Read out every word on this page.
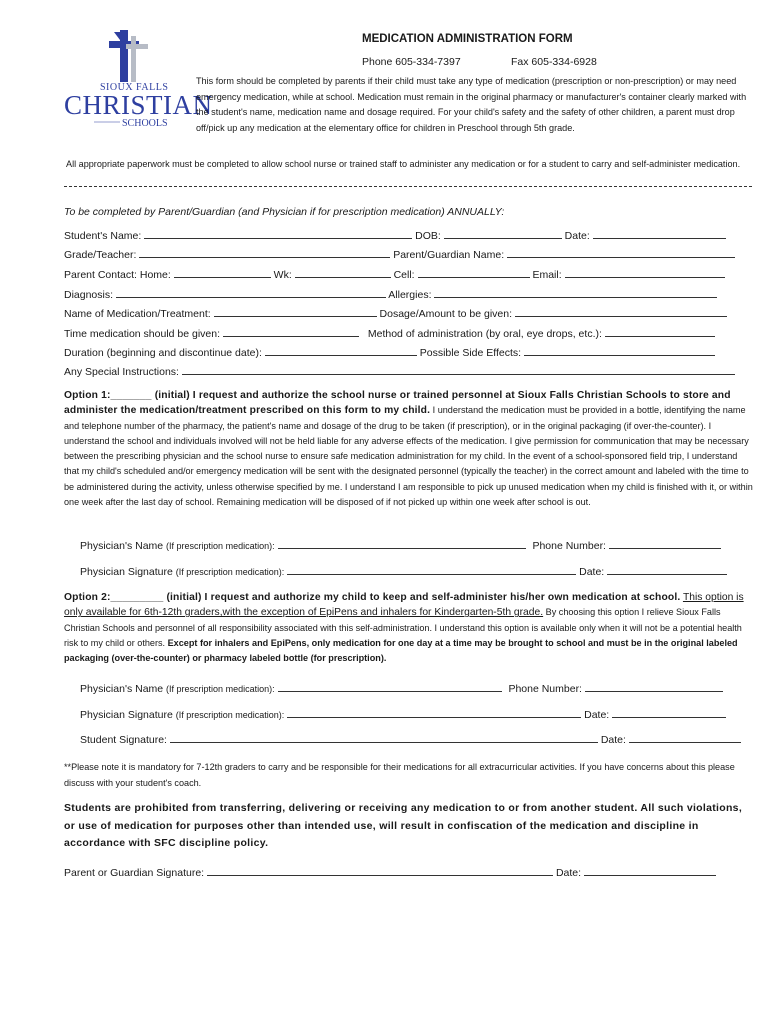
SIOUX FALLS
CHRISTIAN
SCHOOLS
MEDICATION ADMINISTRATION FORM
Phone 605-334-7397	Fax 605-334-6928
This form should be completed by parents if their child must take any type of medication (prescription or non-prescription) or may need emergency medication, while at school. Medication must remain in the original pharmacy or manufacturer's container clearly marked with the student's name, medication name and dosage required. For your child's safety and the safety of other children, a parent must drop off/pick up any medication at the elementary office for children in Preschool through 5th grade.
All appropriate paperwork must be completed to allow school nurse or trained staff to administer any medication or for a student to carry and self-administer medication.
To be completed by Parent/Guardian (and Physician if for prescription medication) ANNUALLY:
Student's Name:	DOB:	Date:
Grade/Teacher:	Parent/Guardian Name:
Parent Contact: Home:	Wk:	Cell:	Email:
Diagnosis:	Allergies:
Name of Medication/Treatment:	Dosage/Amount to be given:
Time medication should be given:	Method of administration (by oral, eye drops, etc.):
Duration (beginning and discontinue date):	Possible Side Effects:
Any Special Instructions:
Option 1:_______ (initial) I request and authorize the school nurse or trained personnel at Sioux Falls Christian Schools to store and administer the medication/treatment prescribed on this form to my child. I understand the medication must be provided in a bottle, identifying the name and telephone number of the pharmacy, the patient's name and dosage of the drug to be taken (if prescription), or in the original packaging (if over-the-counter). I understand the school and individuals involved will not be held liable for any adverse effects of the medication. I give permission for communication that may be necessary between the prescribing physician and the school nurse to ensure safe medication administration for my child. In the event of a school-sponsored field trip, I understand that my child's scheduled and/or emergency medication will be sent with the designated personnel (typically the teacher) in the correct amount and labeled with the time to be administered during the activity, unless otherwise specified by me. I understand I am responsible to pick up unused medication when my child is finished with it, or within one week after the last day of school. Remaining medication will be disposed of if not picked up within one week after school is out.
Physician's Name (If prescription medication):	Phone Number:
Physician Signature (If prescription medication):	Date:
Option 2:_________ (initial) I request and authorize my child to keep and self-administer his/her own medication at school. This option is only available for 6th-12th graders,with the exception of EpiPens and inhalers for Kindergarten-5th grade. By choosing this option I relieve Sioux Falls Christian Schools and personnel of all responsibility associated with this self-administration. I understand this option is available only when it will not be a potential health risk to my child or others. Except for inhalers and EpiPens, only medication for one day at a time may be brought to school and must be in the original labeled packaging (over-the-counter) or pharmacy labeled bottle (for prescription).
Physician's Name (If prescription medication):	Phone Number:
Physician Signature (If prescription medication):	Date:
Student Signature:	Date:
**Please note it is mandatory for 7-12th graders to carry and be responsible for their medications for all extracurricular activities. If you have concerns about this please discuss with your student's coach.
Students are prohibited from transferring, delivering or receiving any medication to or from another student. All such violations, or use of medication for purposes other than intended use, will result in confiscation of the medication and discipline in accordance with SFC discipline policy.
Parent or Guardian Signature:	Date:
